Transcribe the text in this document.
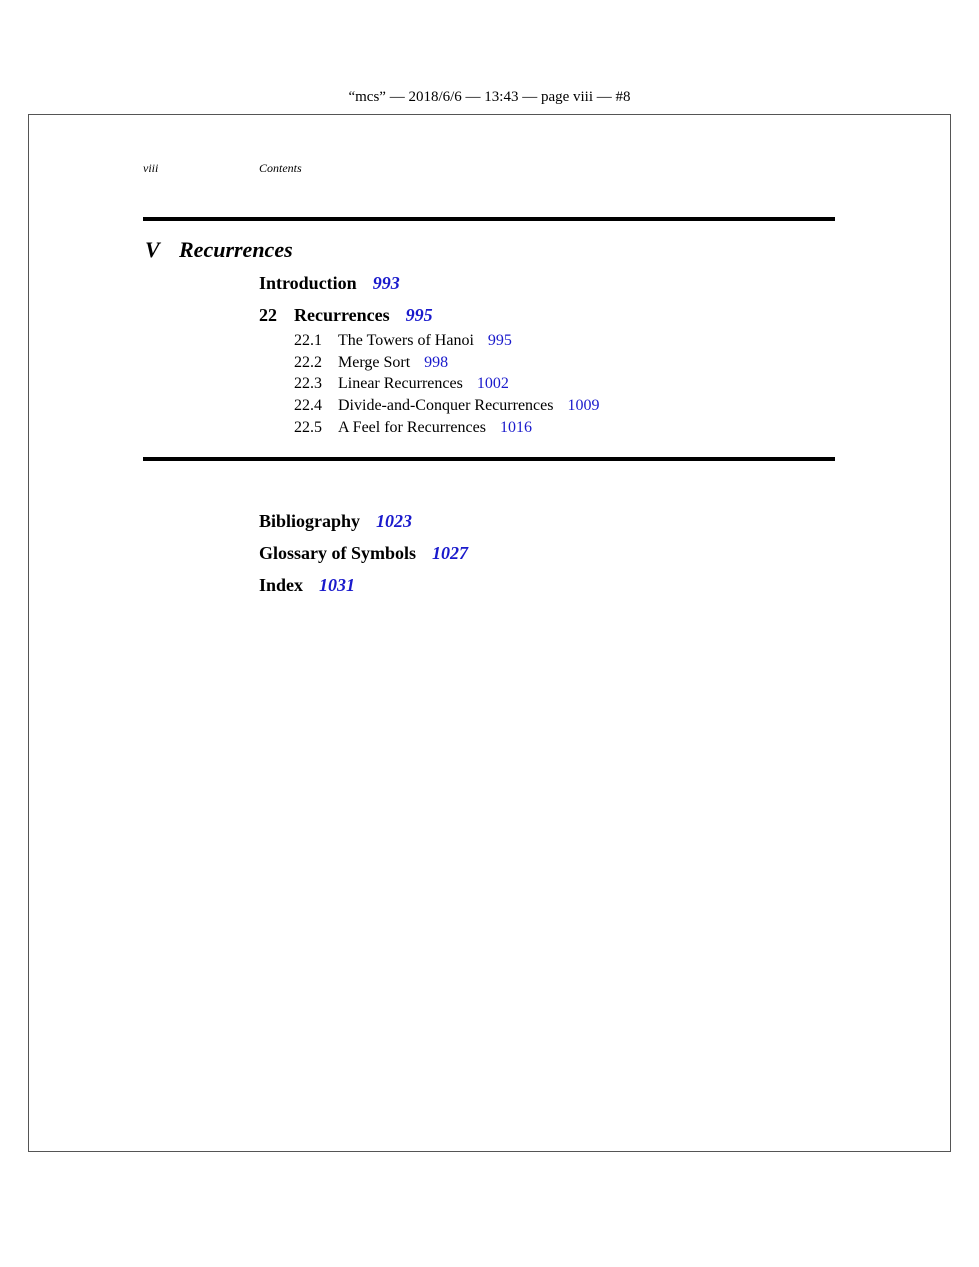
“mcs” — 2018/6/6 — 13:43 — page viii — #8
viii	Contents
V Recurrences
Introduction 993
22 Recurrences 995
22.1 The Towers of Hanoi 995
22.2 Merge Sort 998
22.3 Linear Recurrences 1002
22.4 Divide-and-Conquer Recurrences 1009
22.5 A Feel for Recurrences 1016
Bibliography 1023
Glossary of Symbols 1027
Index 1031
